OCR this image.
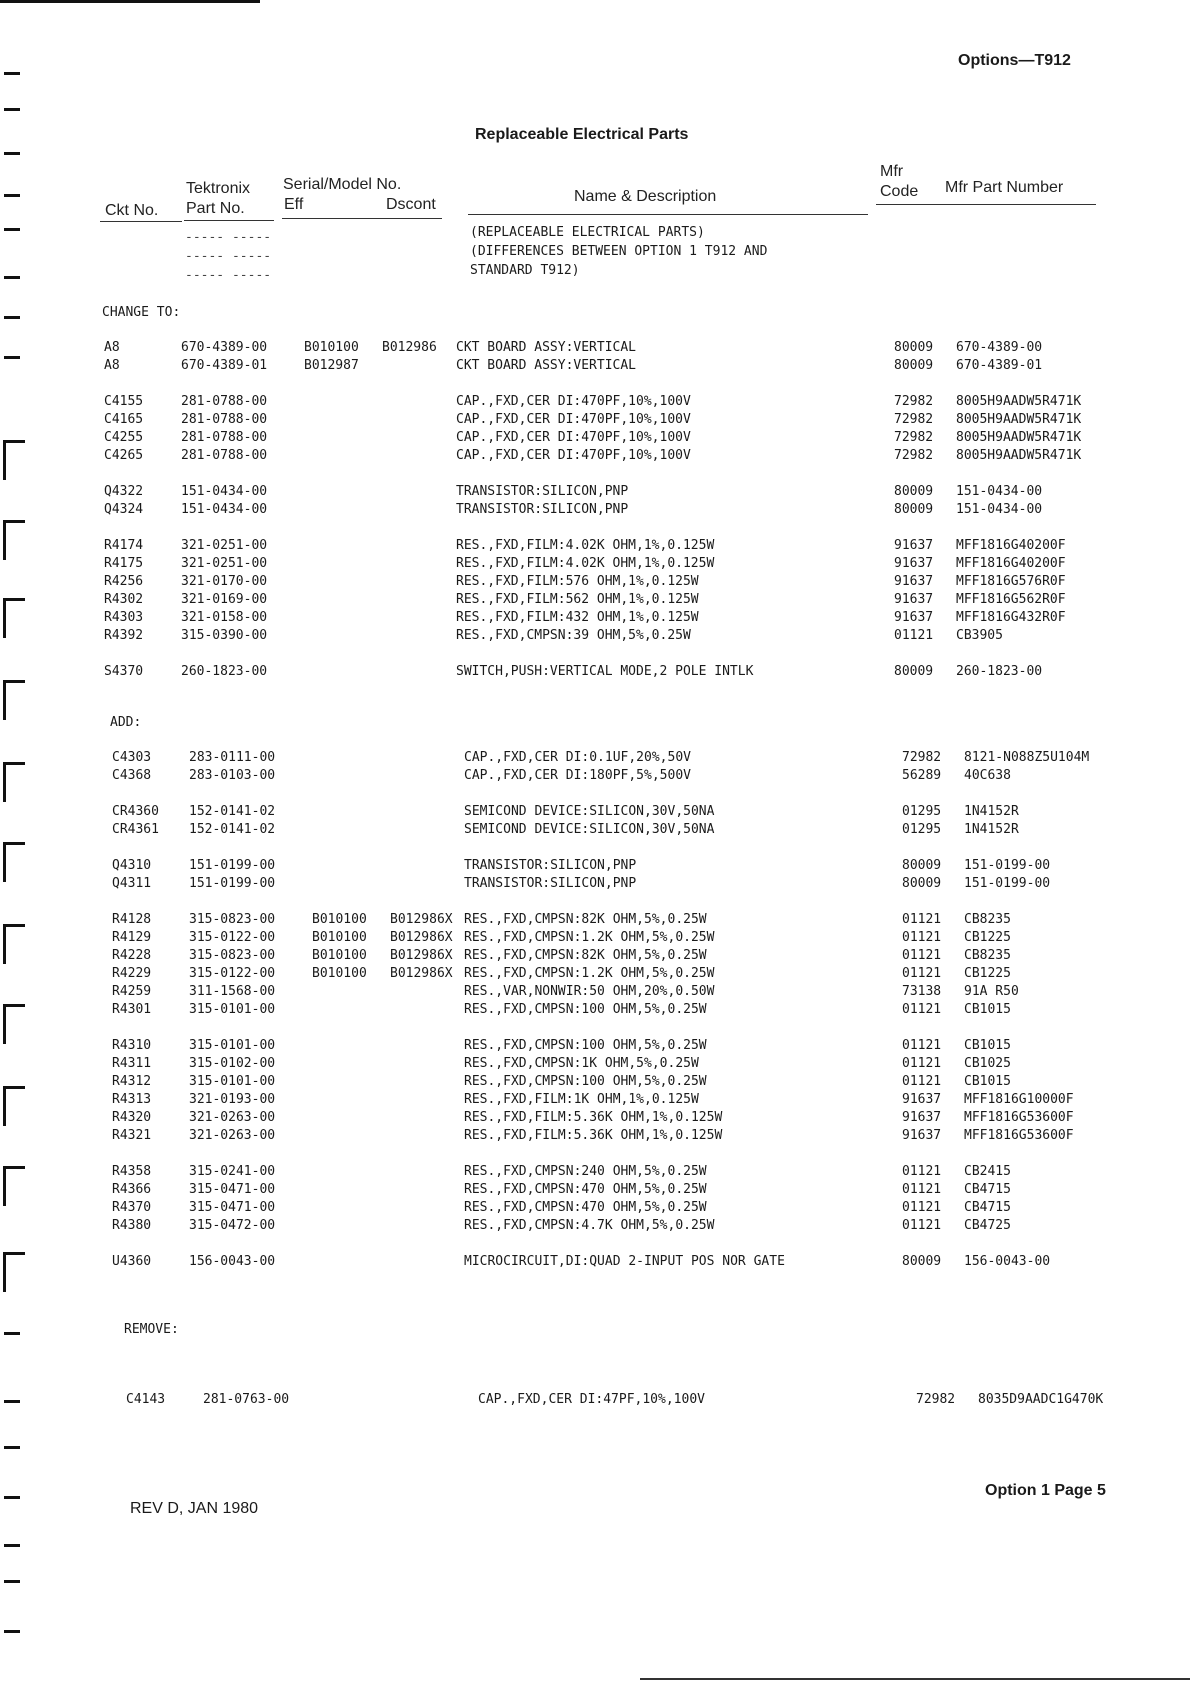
Options—T912
Replaceable Electrical Parts
Ckt No.
Tektronix
Part No.
Serial/Model No.
Eff	Dscont	Name & Description
Mfr
Code Mfr Part Number
----- -----
----- -----
----- -----
(REPLACEABLE ELECTRICAL PARTS)
(DIFFERENCES BETWEEN OPTION 1 T912 AND
STANDARD T912)
CHANGE TO:
A8	670-4389-00	B010100 B012986 CKT BOARD ASSY:VERTICAL	80009 670-4389-00
A8	670-4389-01	B012987	CKT BOARD ASSY:VERTICAL	80009 670-4389-01
C4155	281-0788-00	CAP.,FXD,CER DI:470PF,10%,100V	72982 8005H9AADW5R471K
C4165	281-0788-00	CAP.,FXD,CER DI:470PF,10%,100V	72982 8005H9AADW5R471K
C4255	281-0788-00	CAP.,FXD,CER DI:470PF,10%,100V	72982 8005H9AADW5R471K
C4265	281-0788-00	CAP.,FXD,CER DI:470PF,10%,100V	72982 8005H9AADW5R471K
Q4322	151-0434-00	TRANSISTOR:SILICON,PNP	80009 151-0434-00
Q4324	151-0434-00	TRANSISTOR:SILICON,PNP	80009 151-0434-00
R4174	321-0251-00	RES.,FXD,FILM:4.02K OHM,1%,0.125W	91637 MFF1816G40200F
R4175	321-0251-00	RES.,FXD,FILM:4.02K OHM,1%,0.125W	91637 MFF1816G40200F
R4256	321-0170-00	RES.,FXD,FILM:576 OHM,1%,0.125W	91637 MFF1816G576R0F
R4302	321-0169-00	RES.,FXD,FILM:562 OHM,1%,0.125W	91637 MFF1816G562R0F
R4303	321-0158-00	RES.,FXD,FILM:432 OHM,1%,0.125W	91637 MFF1816G432R0F
R4392	315-0390-00	RES.,FXD,CMPSN:39 OHM,5%,0.25W	01121 CB3905
S4370	260-1823-00	SWITCH,PUSH:VERTICAL MODE,2 POLE INTLK	80009 260-1823-00
ADD:
C4303	283-0111-00	CAP.,FXD,CER DI:0.1UF,20%,50V	72982 8121-N088Z5U104M
C4368	283-0103-00	CAP.,FXD,CER DI:180PF,5%,500V	56289 40C638
CR4360 152-0141-02	SEMICOND DEVICE:SILICON,30V,50NA	01295 1N4152R
CR4361 152-0141-02	SEMICOND DEVICE:SILICON,30V,50NA	01295 1N4152R
Q4310	151-0199-00	TRANSISTOR:SILICON,PNP	80009 151-0199-00
Q4311	151-0199-00	TRANSISTOR:SILICON,PNP	80009 151-0199-00
R4128	315-0823-00	B010100 B012986X RES.,FXD,CMPSN:82K OHM,5%,0.25W	01121 CB8235
R4129	315-0122-00	B010100 B012986X RES.,FXD,CMPSN:1.2K OHM,5%,0.25W	01121 CB1225
R4228	315-0823-00	B010100 B012986X RES.,FXD,CMPSN:82K OHM,5%,0.25W	01121 CB8235
R4229	315-0122-00	B010100 B012986X RES.,FXD,CMPSN:1.2K OHM,5%,0.25W	01121 CB1225
R4259	311-1568-00	RES.,VAR,NONWIR:50 OHM,20%,0.50W	73138 91A R50
R4301	315-0101-00	RES.,FXD,CMPSN:100 OHM,5%,0.25W	01121 CB1015
R4310	315-0101-00	RES.,FXD,CMPSN:100 OHM,5%,0.25W	01121 CB1015
R4311	315-0102-00	RES.,FXD,CMPSN:1K OHM,5%,0.25W	01121 CB1025
R4312	315-0101-00	RES.,FXD,CMPSN:100 OHM,5%,0.25W	01121 CB1015
R4313	321-0193-00	RES.,FXD,FILM:1K OHM,1%,0.125W	91637 MFF1816G10000F
R4320	321-0263-00	RES.,FXD,FILM:5.36K OHM,1%,0.125W	91637 MFF1816G53600F
R4321	321-0263-00	RES.,FXD,FILM:5.36K OHM,1%,0.125W	91637 MFF1816G53600F
R4358	315-0241-00	RES.,FXD,CMPSN:240 OHM,5%,0.25W	01121 CB2415
R4366	315-0471-00	RES.,FXD,CMPSN:470 OHM,5%,0.25W	01121 CB4715
R4370	315-0471-00	RES.,FXD,CMPSN:470 OHM,5%,0.25W	01121 CB4715
R4380	315-0472-00	RES.,FXD,CMPSN:4.7K OHM,5%,0.25W	01121 CB4725
U4360	156-0043-00	MICROCIRCUIT,DI:QUAD 2-INPUT POS NOR GATE	80009 156-0043-00
REMOVE:
C4143	281-0763-00	CAP.,FXD,CER DI:47PF,10%,100V	72982 8035D9AADC1G470K
REV D, JAN 1980
Option 1 Page 5
